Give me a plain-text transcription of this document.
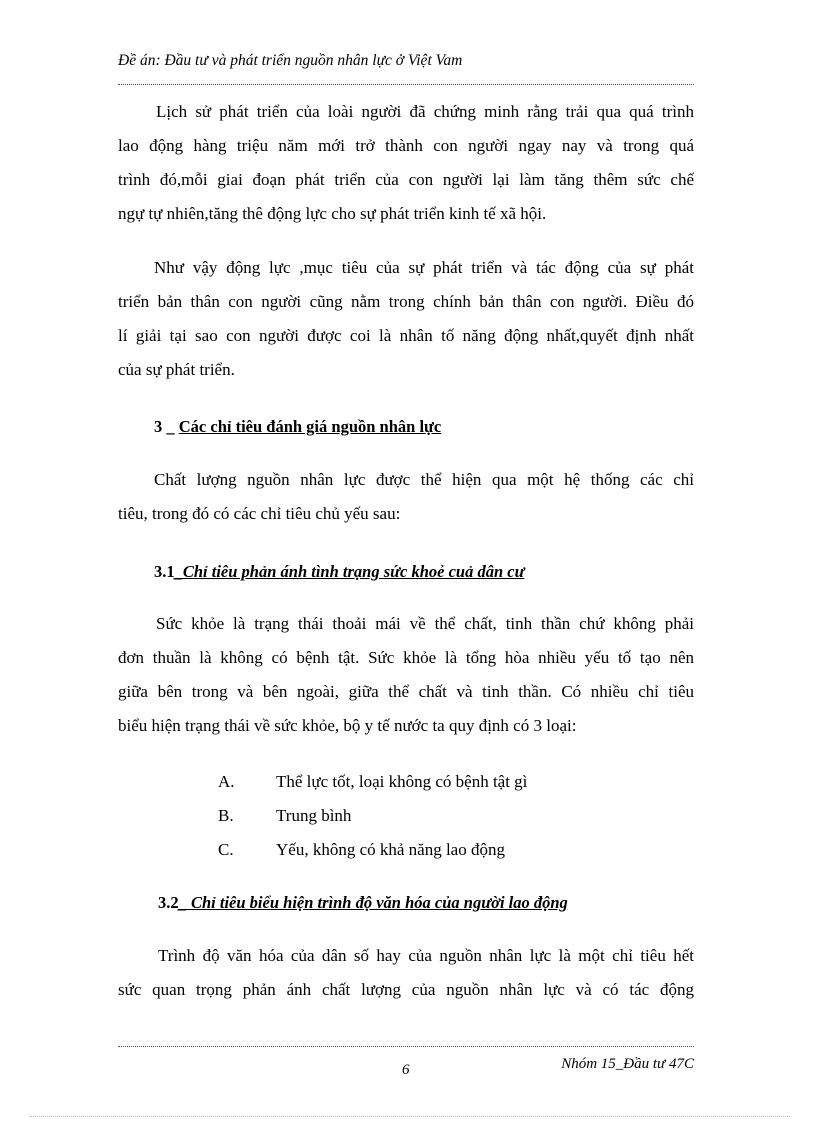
Đề án: Đầu tư và phát triển nguồn nhân lực ở Việt Vam
Lịch sử phát triển của loài người đã chứng minh rằng trải qua quá trình
lao động hàng triệu năm mới trở thành con người ngay nay và trong quá
trình đó,mỗi giai đoạn phát triển của con người lại làm tăng thêm sức chế
ngự tự nhiên,tăng thê động lực cho sự phát triển kinh tế xã hội.
Như vậy động lực ,mục tiêu của sự phát triển và tác động của sự phát
triển bản thân con người cũng nằm trong chính bản thân con người. Điều đó
lí giải tại sao con người được coi là nhân tố năng động nhất,quyết định nhất
của sự phát triển.
3 _ Các chỉ tiêu đánh giá nguồn nhân lực
Chất lượng nguồn nhân lực được thể hiện qua một hệ thống các chỉ
tiêu, trong đó có các chỉ tiêu chủ yếu sau:
3.1_Chỉ tiêu phản ánh tình trạng sức khoẻ cuả dân cư
Sức khỏe là trạng thái thoải mái về thể chất, tinh thần chứ không phải
đơn thuần là không có bệnh tật. Sức khỏe là tổng hòa nhiều yếu tố tạo nên
giữa bên trong và bên ngoài, giữa thể chất và tinh thần. Có nhiều chỉ tiêu
biểu hiện trạng thái về sức khỏe, bộ y tế nước ta quy định có 3 loại:
A. Thể lực tốt, loại không có bệnh tật gì
B. Trung bình
C. Yếu, không có khả năng lao động
3.2_ Chỉ tiêu biểu hiện trình độ văn hóa của người lao động
Trình độ văn hóa của dân số hay của nguồn nhân lực là một chỉ tiêu hết
sức quan trọng phản ánh chất lượng của nguồn nhân lực và có tác động
Nhóm 15_Đầu tư 47C
6
